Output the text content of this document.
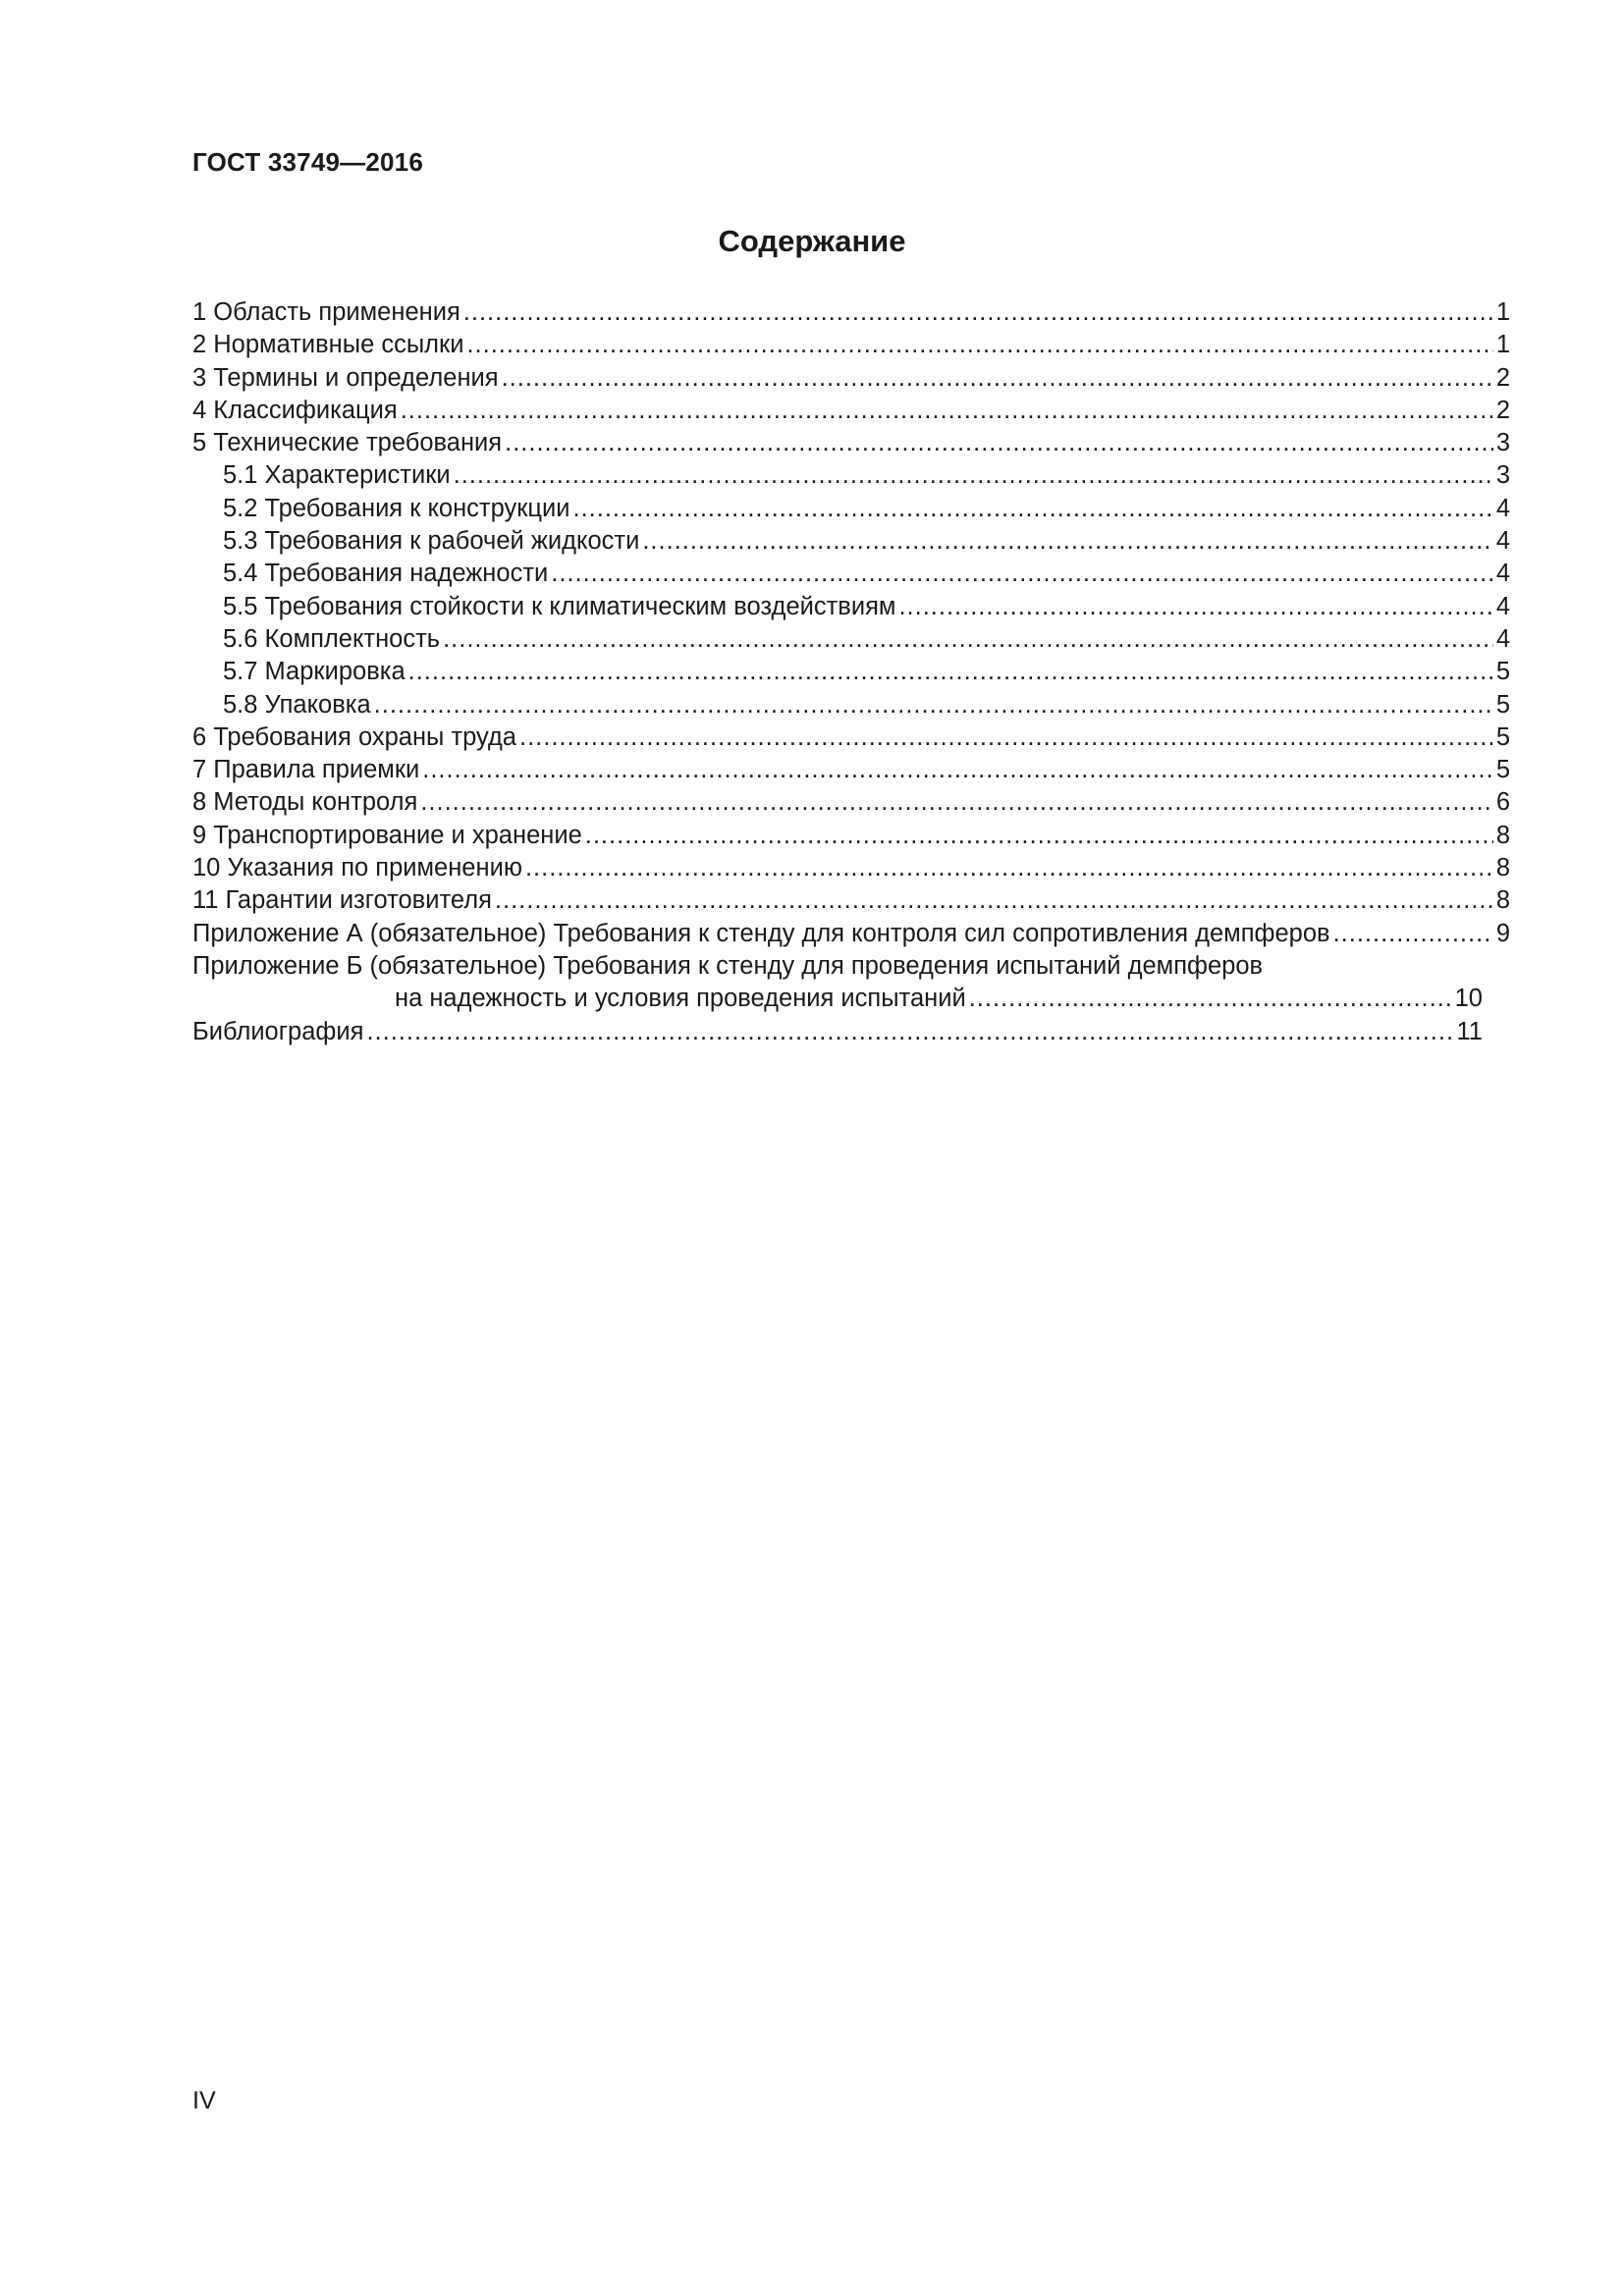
ГОСТ 33749—2016
Содержание
1 Область применения .....	1
2 Нормативные ссылки .....	1
3 Термины и определения .....	2
4 Классификация .....	2
5 Технические требования .....	3
5.1 Характеристики .....	3
5.2 Требования к конструкции .....	4
5.3 Требования к рабочей жидкости .....	4
5.4 Требования надежности .....	4
5.5 Требования стойкости к климатическим воздействиям .....	4
5.6 Комплектность .....	4
5.7 Маркировка .....	5
5.8 Упаковка .....	5
6 Требования охраны труда .....	5
7 Правила приемки .....	5
8 Методы контроля .....	6
9 Транспортирование и хранение .....	8
10 Указания по применению .....	8
11 Гарантии изготовителя .....	8
Приложение А (обязательное) Требования к стенду для контроля сил сопротивления демпферов .....	9
Приложение Б (обязательное) Требования к стенду для проведения испытаний демпферов
на надежность и условия проведения испытаний .....	10
Библиография .....	11
IV
